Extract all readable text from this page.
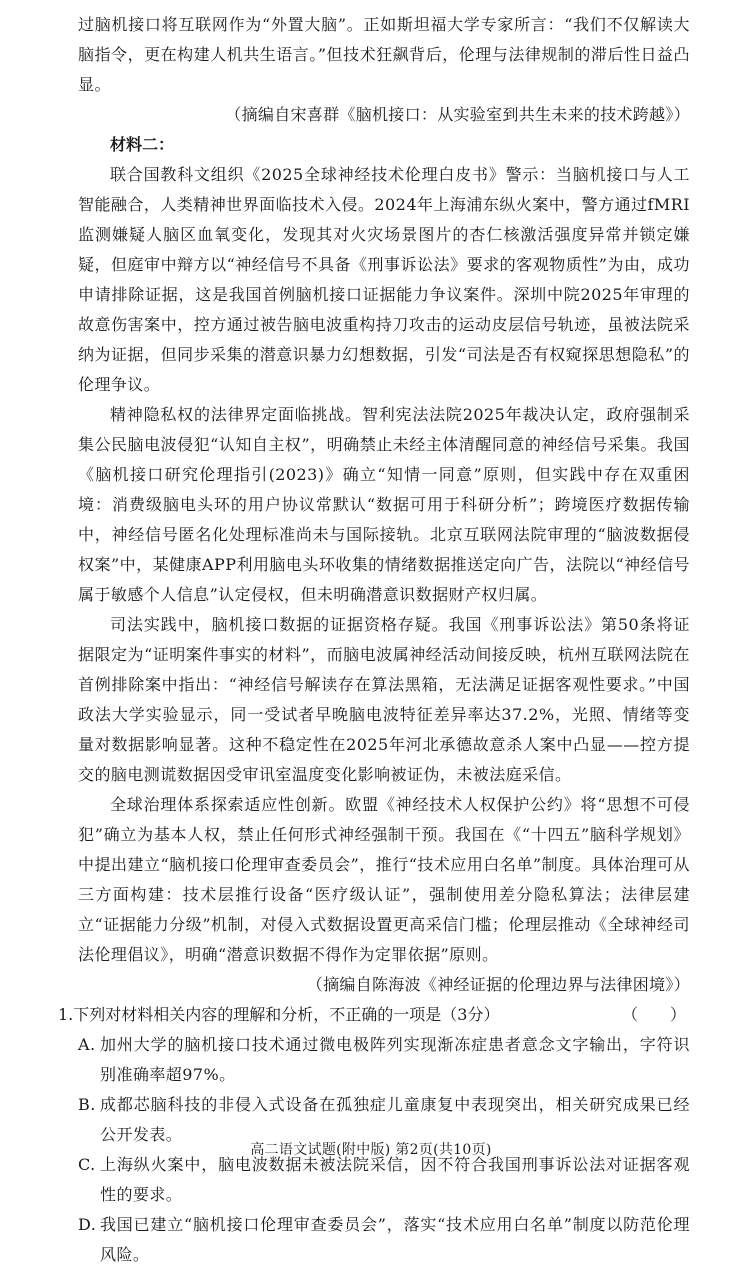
过脑机接口将互联网作为“外置大脑”。正如斯坦福大学专家所言：“我们不仅解读大脑指令，更在构建人机共生语言。”但技术狂飙背后，伦理与法律规制的滞后性日益凸显。

（摘编自宋喜群《脑机接口：从实验室到共生未来的技术跨越》）

材料二：

联合国教科文组织《2025全球神经技术伦理白皮书》警示：当脑机接口与人工智能融合，人类精神世界面临技术入侵。2024年上海浦东纵火案中，警方通过fMRI监测嫌疑人脑区血氧变化，发现其对火灾场景图片的杏仁核激活强度异常并锁定嫌疑，但庭审中辩方以“神经信号不具备《刑事诉讼法》要求的客观物质性”为由，成功申请排除证据，这是我国首例脑机接口证据能力争议案件。深圳中院2025年审理的故意伤害案中，控方通过被告脑电波重构持刀攻击的运动皮层信号轨迹，虽被法院采纳为证据，但同步采集的潜意识暴力幻想数据，引发“司法是否有权窥探思想隐私”的伦理争议。

精神隐私权的法律界定面临挑战。智利宪法法院2025年裁决认定，政府强制采集公民脑电波侵犯“认知自主权”，明确禁止未经主体清醒同意的神经信号采集。我国《脑机接口研究伦理指引(2023)》确立“知情一同意”原则，但实践中存在双重困境：消费级脑电头环的用户协议常默认“数据可用于科研分析”；跨境医疗数据传输中，神经信号匿名化处理标准尚未与国际接轨。北京互联网法院审理的“脑波数据侵权案”中，某健康APP利用脑电头环收集的情绪数据推送定向广告，法院以“神经信号属于敏感个人信息”认定侵权，但未明确潜意识数据财产权归属。

司法实践中，脑机接口数据的证据资格存疑。我国《刑事诉讼法》第50条将证据限定为“证明案件事实的材料”，而脑电波属神经活动间接反映，杭州互联网法院在首例排除案中指出：“神经信号解读存在算法黑箱，无法满足证据客观性要求。”中国政法大学实验显示，同一受试者早晚脑电波特征差异率达37.2%，光照、情绪等变量对数据影响显著。这种不稳定性在2025年河北承德故意杀人案中凸显——控方提交的脑电测谎数据因受审讯室温度变化影响被证伪，未被法庭采信。

全球治理体系探索适应性创新。欧盟《神经技术人权保护公约》将“思想不可侵犯”确立为基本人权，禁止任何形式神经强制干预。我国在《“十四五”脑科学规划》中提出建立“脑机接口伦理审查委员会”，推行“技术应用白名单”制度。具体治理可从三方面构建：技术层推行设备“医疗级认证”，强制使用差分隐私算法；法律层建立“证据能力分级”机制，对侵入式数据设置更高采信门槛；伦理层推动《全球神经司法伦理倡议》，明确“潜意识数据不得作为定罪依据”原则。

（摘编自陈海波《神经证据的伦理边界与法律困境》）

1.下列对材料相关内容的理解和分析，不正确的一项是（3分）	（　　）
A. 加州大学的脑机接口技术通过微电极阵列实现渐冻症患者意念文字输出，字符识别准确率超97%。
B. 成都芯脑科技的非侵入式设备在孤独症儿童康复中表现突出，相关研究成果已经公开发表。
C. 上海纵火案中，脑电波数据未被法院采信，因不符合我国刑事诉讼法对证据客观性的要求。
D. 我国已建立“脑机接口伦理审查委员会”，落实“技术应用白名单”制度以防范伦理风险。
高二语文试题(附中版) 第2页(共10页)
